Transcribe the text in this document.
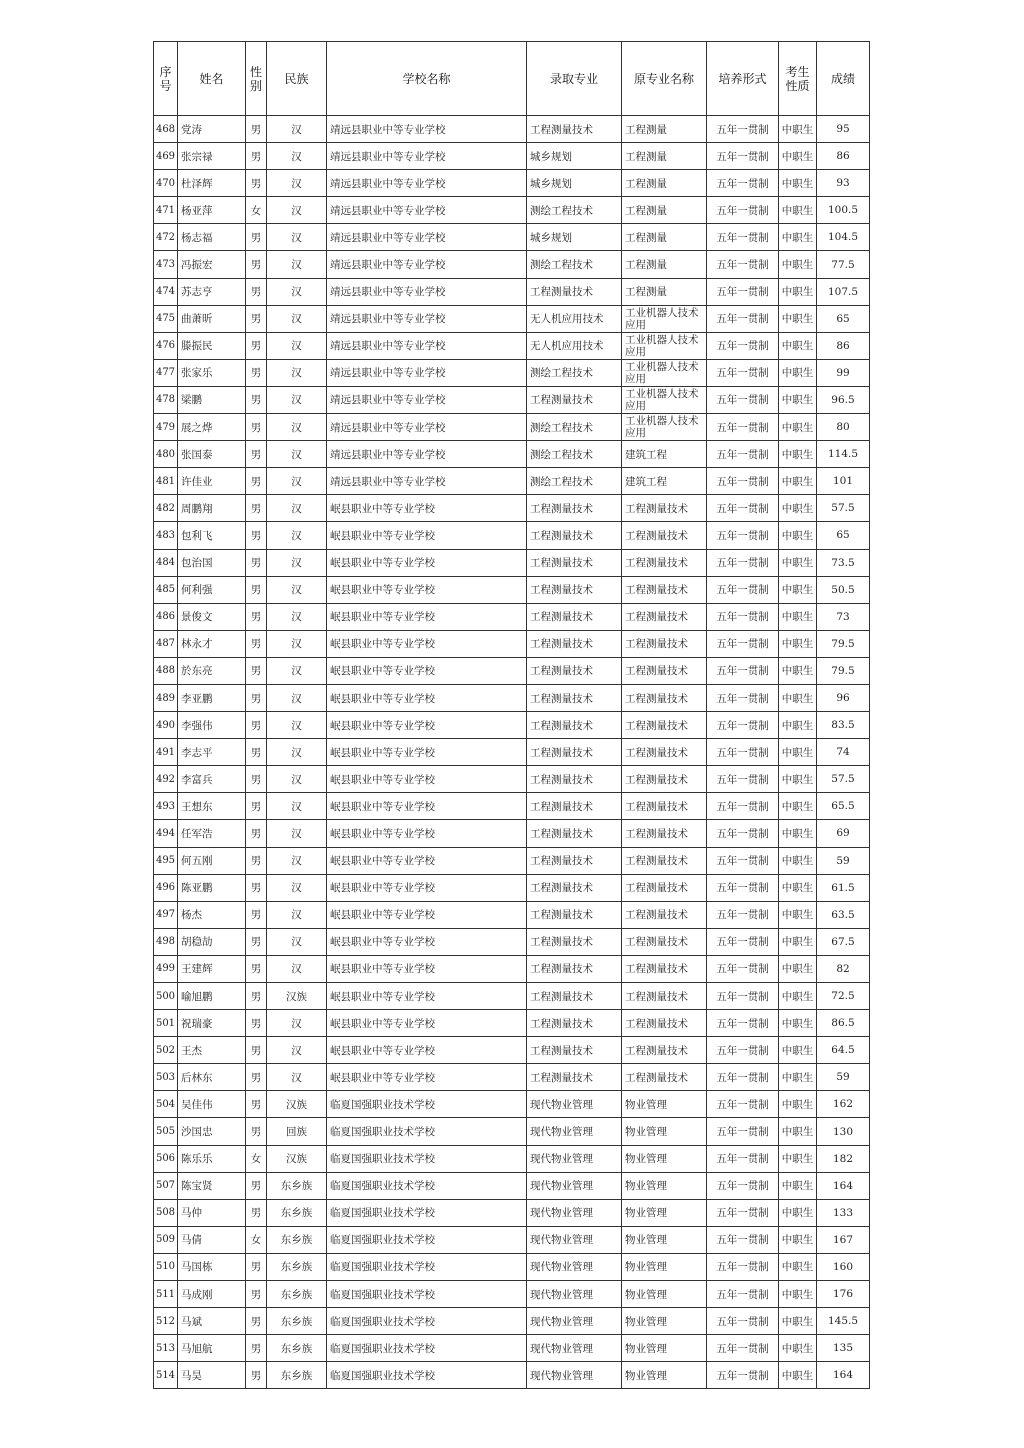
序号	姓名	性别	民族	学校名称	录取专业	原专业名称	培养形式	考生性质	成绩
468	党涛	男	汉	靖远县职业中等专业学校	工程测量技术	工程测量	五年一贯制	中职生	95
469	张宗禄	男	汉	靖远县职业中等专业学校	城乡规划	工程测量	五年一贯制	中职生	86
470	杜泽辉	男	汉	靖远县职业中等专业学校	城乡规划	工程测量	五年一贯制	中职生	93
471	杨亚萍	女	汉	靖远县职业中等专业学校	测绘工程技术	工程测量	五年一贯制	中职生	100.5
472	杨志福	男	汉	靖远县职业中等专业学校	城乡规划	工程测量	五年一贯制	中职生	104.5
473	冯振宏	男	汉	靖远县职业中等专业学校	测绘工程技术	工程测量	五年一贯制	中职生	77.5
474	苏志亨	男	汉	靖远县职业中等专业学校	工程测量技术	工程测量	五年一贯制	中职生	107.5
475	曲萧昕	男	汉	靖远县职业中等专业学校	无人机应用技术	工业机器人技术应用	五年一贯制	中职生	65
476	滕振民	男	汉	靖远县职业中等专业学校	无人机应用技术	工业机器人技术应用	五年一贯制	中职生	86
477	张家乐	男	汉	靖远县职业中等专业学校	测绘工程技术	工业机器人技术应用	五年一贯制	中职生	99
478	梁鹏	男	汉	靖远县职业中等专业学校	工程测量技术	工业机器人技术应用	五年一贯制	中职生	96.5
479	展之烨	男	汉	靖远县职业中等专业学校	测绘工程技术	工业机器人技术应用	五年一贯制	中职生	80
480	张国泰	男	汉	靖远县职业中等专业学校	测绘工程技术	建筑工程	五年一贯制	中职生	114.5
481	许佳业	男	汉	靖远县职业中等专业学校	测绘工程技术	建筑工程	五年一贯制	中职生	101
482	周鹏翔	男	汉	岷县职业中等专业学校	工程测量技术	工程测量技术	五年一贯制	中职生	57.5
483	包利飞	男	汉	岷县职业中等专业学校	工程测量技术	工程测量技术	五年一贯制	中职生	65
484	包治国	男	汉	岷县职业中等专业学校	工程测量技术	工程测量技术	五年一贯制	中职生	73.5
485	何利强	男	汉	岷县职业中等专业学校	工程测量技术	工程测量技术	五年一贯制	中职生	50.5
486	景俊文	男	汉	岷县职业中等专业学校	工程测量技术	工程测量技术	五年一贯制	中职生	73
487	林永才	男	汉	岷县职业中等专业学校	工程测量技术	工程测量技术	五年一贯制	中职生	79.5
488	於东亮	男	汉	岷县职业中等专业学校	工程测量技术	工程测量技术	五年一贯制	中职生	79.5
489	李亚鹏	男	汉	岷县职业中等专业学校	工程测量技术	工程测量技术	五年一贯制	中职生	96
490	李强伟	男	汉	岷县职业中等专业学校	工程测量技术	工程测量技术	五年一贯制	中职生	83.5
491	李志平	男	汉	岷县职业中等专业学校	工程测量技术	工程测量技术	五年一贯制	中职生	74
492	李富兵	男	汉	岷县职业中等专业学校	工程测量技术	工程测量技术	五年一贯制	中职生	57.5
493	王想东	男	汉	岷县职业中等专业学校	工程测量技术	工程测量技术	五年一贯制	中职生	65.5
494	任军浩	男	汉	岷县职业中等专业学校	工程测量技术	工程测量技术	五年一贯制	中职生	69
495	何五刚	男	汉	岷县职业中等专业学校	工程测量技术	工程测量技术	五年一贯制	中职生	59
496	陈亚鹏	男	汉	岷县职业中等专业学校	工程测量技术	工程测量技术	五年一贯制	中职生	61.5
497	杨杰	男	汉	岷县职业中等专业学校	工程测量技术	工程测量技术	五年一贯制	中职生	63.5
498	胡稳劼	男	汉	岷县职业中等专业学校	工程测量技术	工程测量技术	五年一贯制	中职生	67.5
499	王建辉	男	汉	岷县职业中等专业学校	工程测量技术	工程测量技术	五年一贯制	中职生	82
500	喻旭鹏	男	汉族	岷县职业中等专业学校	工程测量技术	工程测量技术	五年一贯制	中职生	72.5
501	祝瑞豪	男	汉	岷县职业中等专业学校	工程测量技术	工程测量技术	五年一贯制	中职生	86.5
502	王杰	男	汉	岷县职业中等专业学校	工程测量技术	工程测量技术	五年一贯制	中职生	64.5
503	后林东	男	汉	岷县职业中等专业学校	工程测量技术	工程测量技术	五年一贯制	中职生	59
504	吴佳伟	男	汉族	临夏国强职业技术学校	现代物业管理	物业管理	五年一贯制	中职生	162
505	沙国忠	男	回族	临夏国强职业技术学校	现代物业管理	物业管理	五年一贯制	中职生	130
506	陈乐乐	女	汉族	临夏国强职业技术学校	现代物业管理	物业管理	五年一贯制	中职生	182
507	陈宝贤	男	东乡族	临夏国强职业技术学校	现代物业管理	物业管理	五年一贯制	中职生	164
508	马仲	男	东乡族	临夏国强职业技术学校	现代物业管理	物业管理	五年一贯制	中职生	133
509	马倩	女	东乡族	临夏国强职业技术学校	现代物业管理	物业管理	五年一贯制	中职生	167
510	马国栋	男	东乡族	临夏国强职业技术学校	现代物业管理	物业管理	五年一贯制	中职生	160
511	马成刚	男	东乡族	临夏国强职业技术学校	现代物业管理	物业管理	五年一贯制	中职生	176
512	马斌	男	东乡族	临夏国强职业技术学校	现代物业管理	物业管理	五年一贯制	中职生	145.5
513	马旭航	男	东乡族	临夏国强职业技术学校	现代物业管理	物业管理	五年一贯制	中职生	135
514	马昊	男	东乡族	临夏国强职业技术学校	现代物业管理	物业管理	五年一贯制	中职生	164
